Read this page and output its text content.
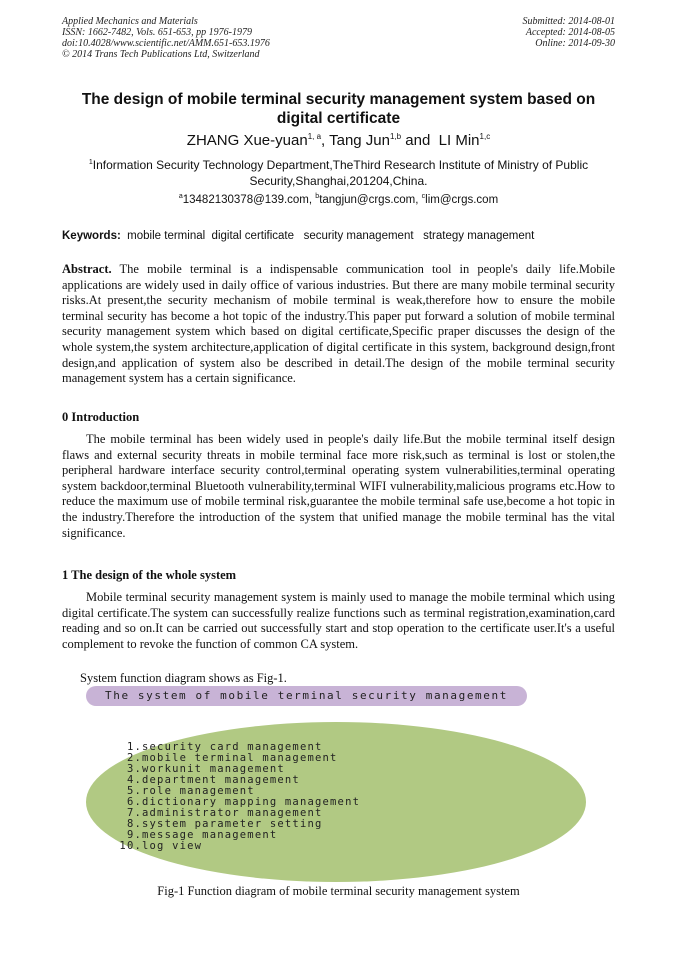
Applied Mechanics and Materials
ISSN: 1662-7482, Vols. 651-653, pp 1976-1979
doi:10.4028/www.scientific.net/AMM.651-653.1976
© 2014 Trans Tech Publications Ltd, Switzerland
Submitted: 2014-08-01
Accepted: 2014-08-05
Online: 2014-09-30
The design of mobile terminal security management system based on digital certificate
ZHANG Xue-yuan$^{1, a}$, Tang Jun$^{1,b}$ and  LI Min$^{1,c}$
$^1$Information Security Technology Department,TheThird Research Institute of Ministry of Public Security,Shanghai,201204,China.
$^a$13482130378@139.com, $^b$tangjun@crgs.com, $^c$lim@crgs.com
Keywords:  mobile terminal  digital certificate   security management   strategy management
Abstract. The mobile terminal is a indispensable communication tool in people's daily life.Mobile applications are widely used in daily office of various industries. But there are many mobile terminal security risks.At present,the security mechanism of mobile terminal is weak,therefore how to ensure the mobile terminal security has become a hot topic of the industry.This paper put forward a solution of mobile terminal security management system which based on digital certificate,Specific praper discusses the design of the whole system,the system architecture,application of digital certificate in this system, background design,front design,and application of system also be described in detail.The design of the mobile terminal security management system has a certain significance.
0 Introduction
The mobile terminal has been widely used in people's daily life.But the mobile terminal itself design flaws and external security threats in mobile terminal face more risk,such as terminal is lost or stolen,the peripheral hardware interface security control,terminal operating system vulnerabilities,terminal operating system backdoor,terminal Bluetooth vulnerability,terminal WIFI vulnerability,malicious programs etc.How to reduce the maximum use of mobile terminal risk,guarantee the mobile terminal safe use,become a hot topic in the industry.Therefore the introduction of the system that unified manage the mobile terminal has the vital significance.
1 The design of the whole system
Mobile terminal security management system is mainly used to manage the mobile terminal which using digital certificate.The system can successfully realize functions such as terminal registration,examination,card reading and so on.It can be carried out successfully start and stop operation to the certificate user.It's a useful complement to revoke the function of common CA system.
System function diagram shows as Fig-1.
The system of mobile terminal security management
1.security card management
2.mobile terminal management
3.workunit management
4.department management
5.role management
6.dictionary mapping management
7.administrator management
8.system parameter setting
9.message management
10.log view
Fig-1 Function diagram of mobile terminal security management system
